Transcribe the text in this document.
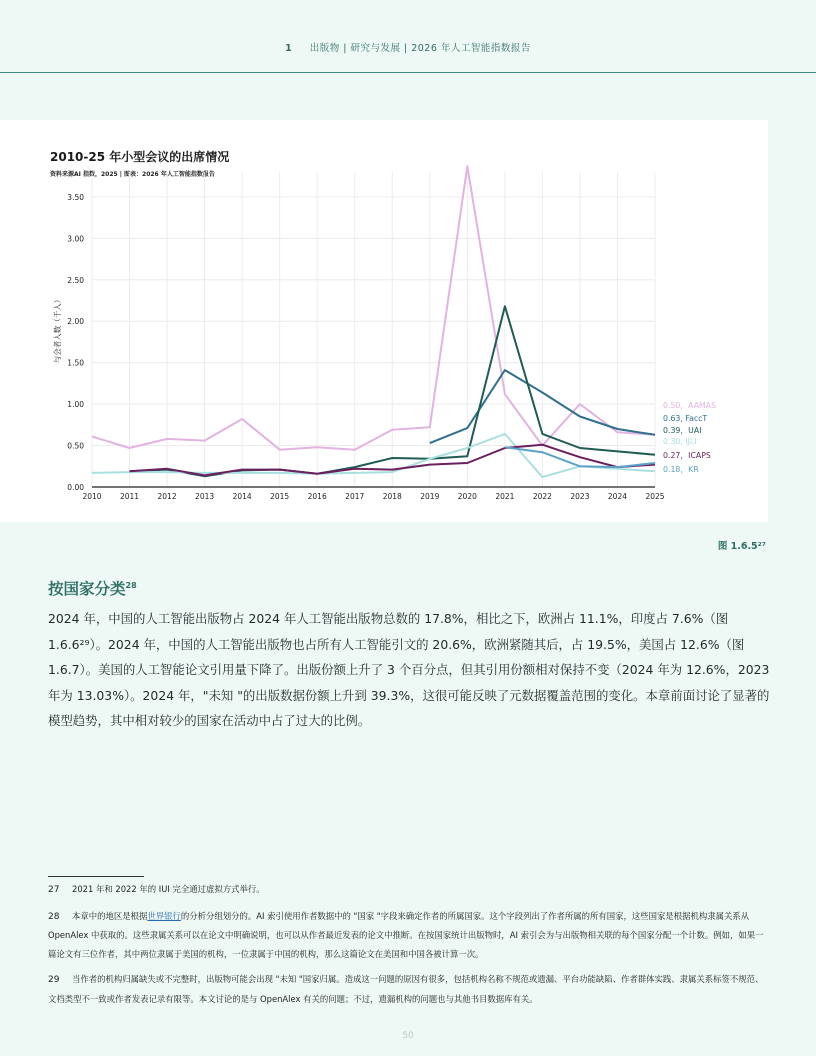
1 出版物 | 研究与发展 | 2026 年人工智能指数报告
2010-25 年小型会议的出席情况
资料来源AI 指数，2025 | 图表：2026 年人工智能指数报告
2010 2011 2012 2013 2014 2015 2016 2017 2018 2019 2020 2021 2022 2023 2024 2025
0.00
0.50
1.00
1.50
2.00
2.50
3.00
3.50
与会者人数（千人）
0.50，AAMAS
0.63, FaccT
0.39，UAI
0.30, IJLI
0.27，ICAPS
0.18，KR
图 1.6.5²⁷
按国家分类$^{28}$
2024 年，中国的人工智能出版物占 2024 年人工智能出版物总数的 17.8%，相比之下，欧洲占 11.1%，印度占 7.6%（图 1.6.6²⁹）。2024 年，中国的人工智能出版物也占所有人工智能引文的 20.6%，欧洲紧随其后，占 19.5%，美国占 12.6%（图 1.6.7）。美国的人工智能论文引用量下降了。出版份额上升了 3 个百分点，但其引用份额相对保持不变（2024 年为 12.6%，2023 年为 13.03%）。2024 年，"未知 "的出版数据份额上升到 39.3%，这很可能反映了元数据覆盖范围的变化。本章前面讨论了显著的模型趋势，其中相对较少的国家在活动中占了过大的比例。
27 2021 年和 2022 年的 IUI 完全通过虚拟方式举行。
28 本章中的地区是根据世界银行的分析分组划分的。AI 索引使用作者数据中的 "国家 "字段来确定作者的所属国家。这个字段列出了作者所属的所有国家，这些国家是根据机构隶属关系从 OpenAlex 中获取的。这些隶属关系可以在论文中明确说明，也可以从作者最近发表的论文中推断。在按国家统计出版物时，AI 索引会为与出版物相关联的每个国家分配一个计数。例如，如果一篇论文有三位作者，其中两位隶属于美国的机构，一位隶属于中国的机构，那么这篇论文在美国和中国各被计算一次。
29 当作者的机构归属缺失或不完整时，出版物可能会出现 "未知 "国家归属。造成这一问题的原因有很多，包括机构名称不规范或遗漏、平台功能缺陷、作者群体实践、隶属关系标签不规范、文档类型不一致或作者发表记录有限等。本文讨论的是与 OpenAlex 有关的问题；不过，遗漏机构的问题也与其他书目数据库有关。
50
